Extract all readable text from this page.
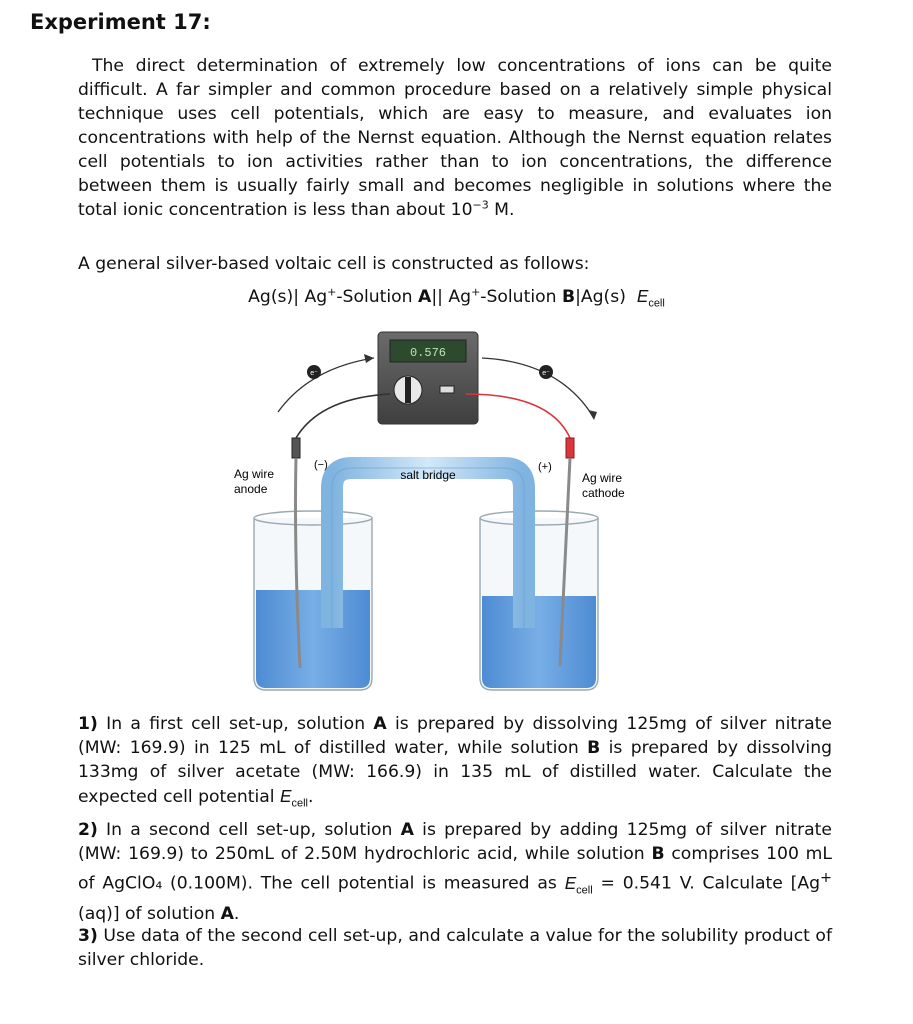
Experiment 17:

The direct determination of extremely low concentrations of ions can be quite difficult. A far simpler and common procedure based on a relatively simple physical technique uses cell potentials, which are easy to measure, and evaluates ion concentrations with help of the Nernst equation. Although the Nernst equation relates cell potentials to ion activities rather than to ion concentrations, the difference between them is usually fairly small and becomes negligible in solutions where the total ionic concentration is less than about $10^{-3}$ M.

A general silver-based voltaic cell is constructed as follows:

Ag(s)| Ag+-Solution A|| Ag+-Solution B|Ag(s) $E_{cell}$

0.576
e⁻	e⁻
(−)	(+)
Ag wire
anode
Ag wire
cathode
salt bridge

1) In a first cell set-up, solution A is prepared by dissolving 125mg of silver nitrate (MW: 169.9) in 125 mL of distilled water, while solution B is prepared by dissolving 133mg of silver acetate (MW: 166.9) in 135 mL of distilled water. Calculate the expected cell potential $E_{cell}$.

2) In a second cell set-up, solution A is prepared by adding 125mg of silver nitrate (MW: 169.9) to 250mL of 2.50M hydrochloric acid, while solution B comprises 100 mL of AgClO₄ (0.100M). The cell potential is measured as $E_{cell} = 0.541$ V. Calculate [Ag+(aq)] of solution A.

3) Use data of the second cell set-up, and calculate a value for the solubility product of silver chloride.
